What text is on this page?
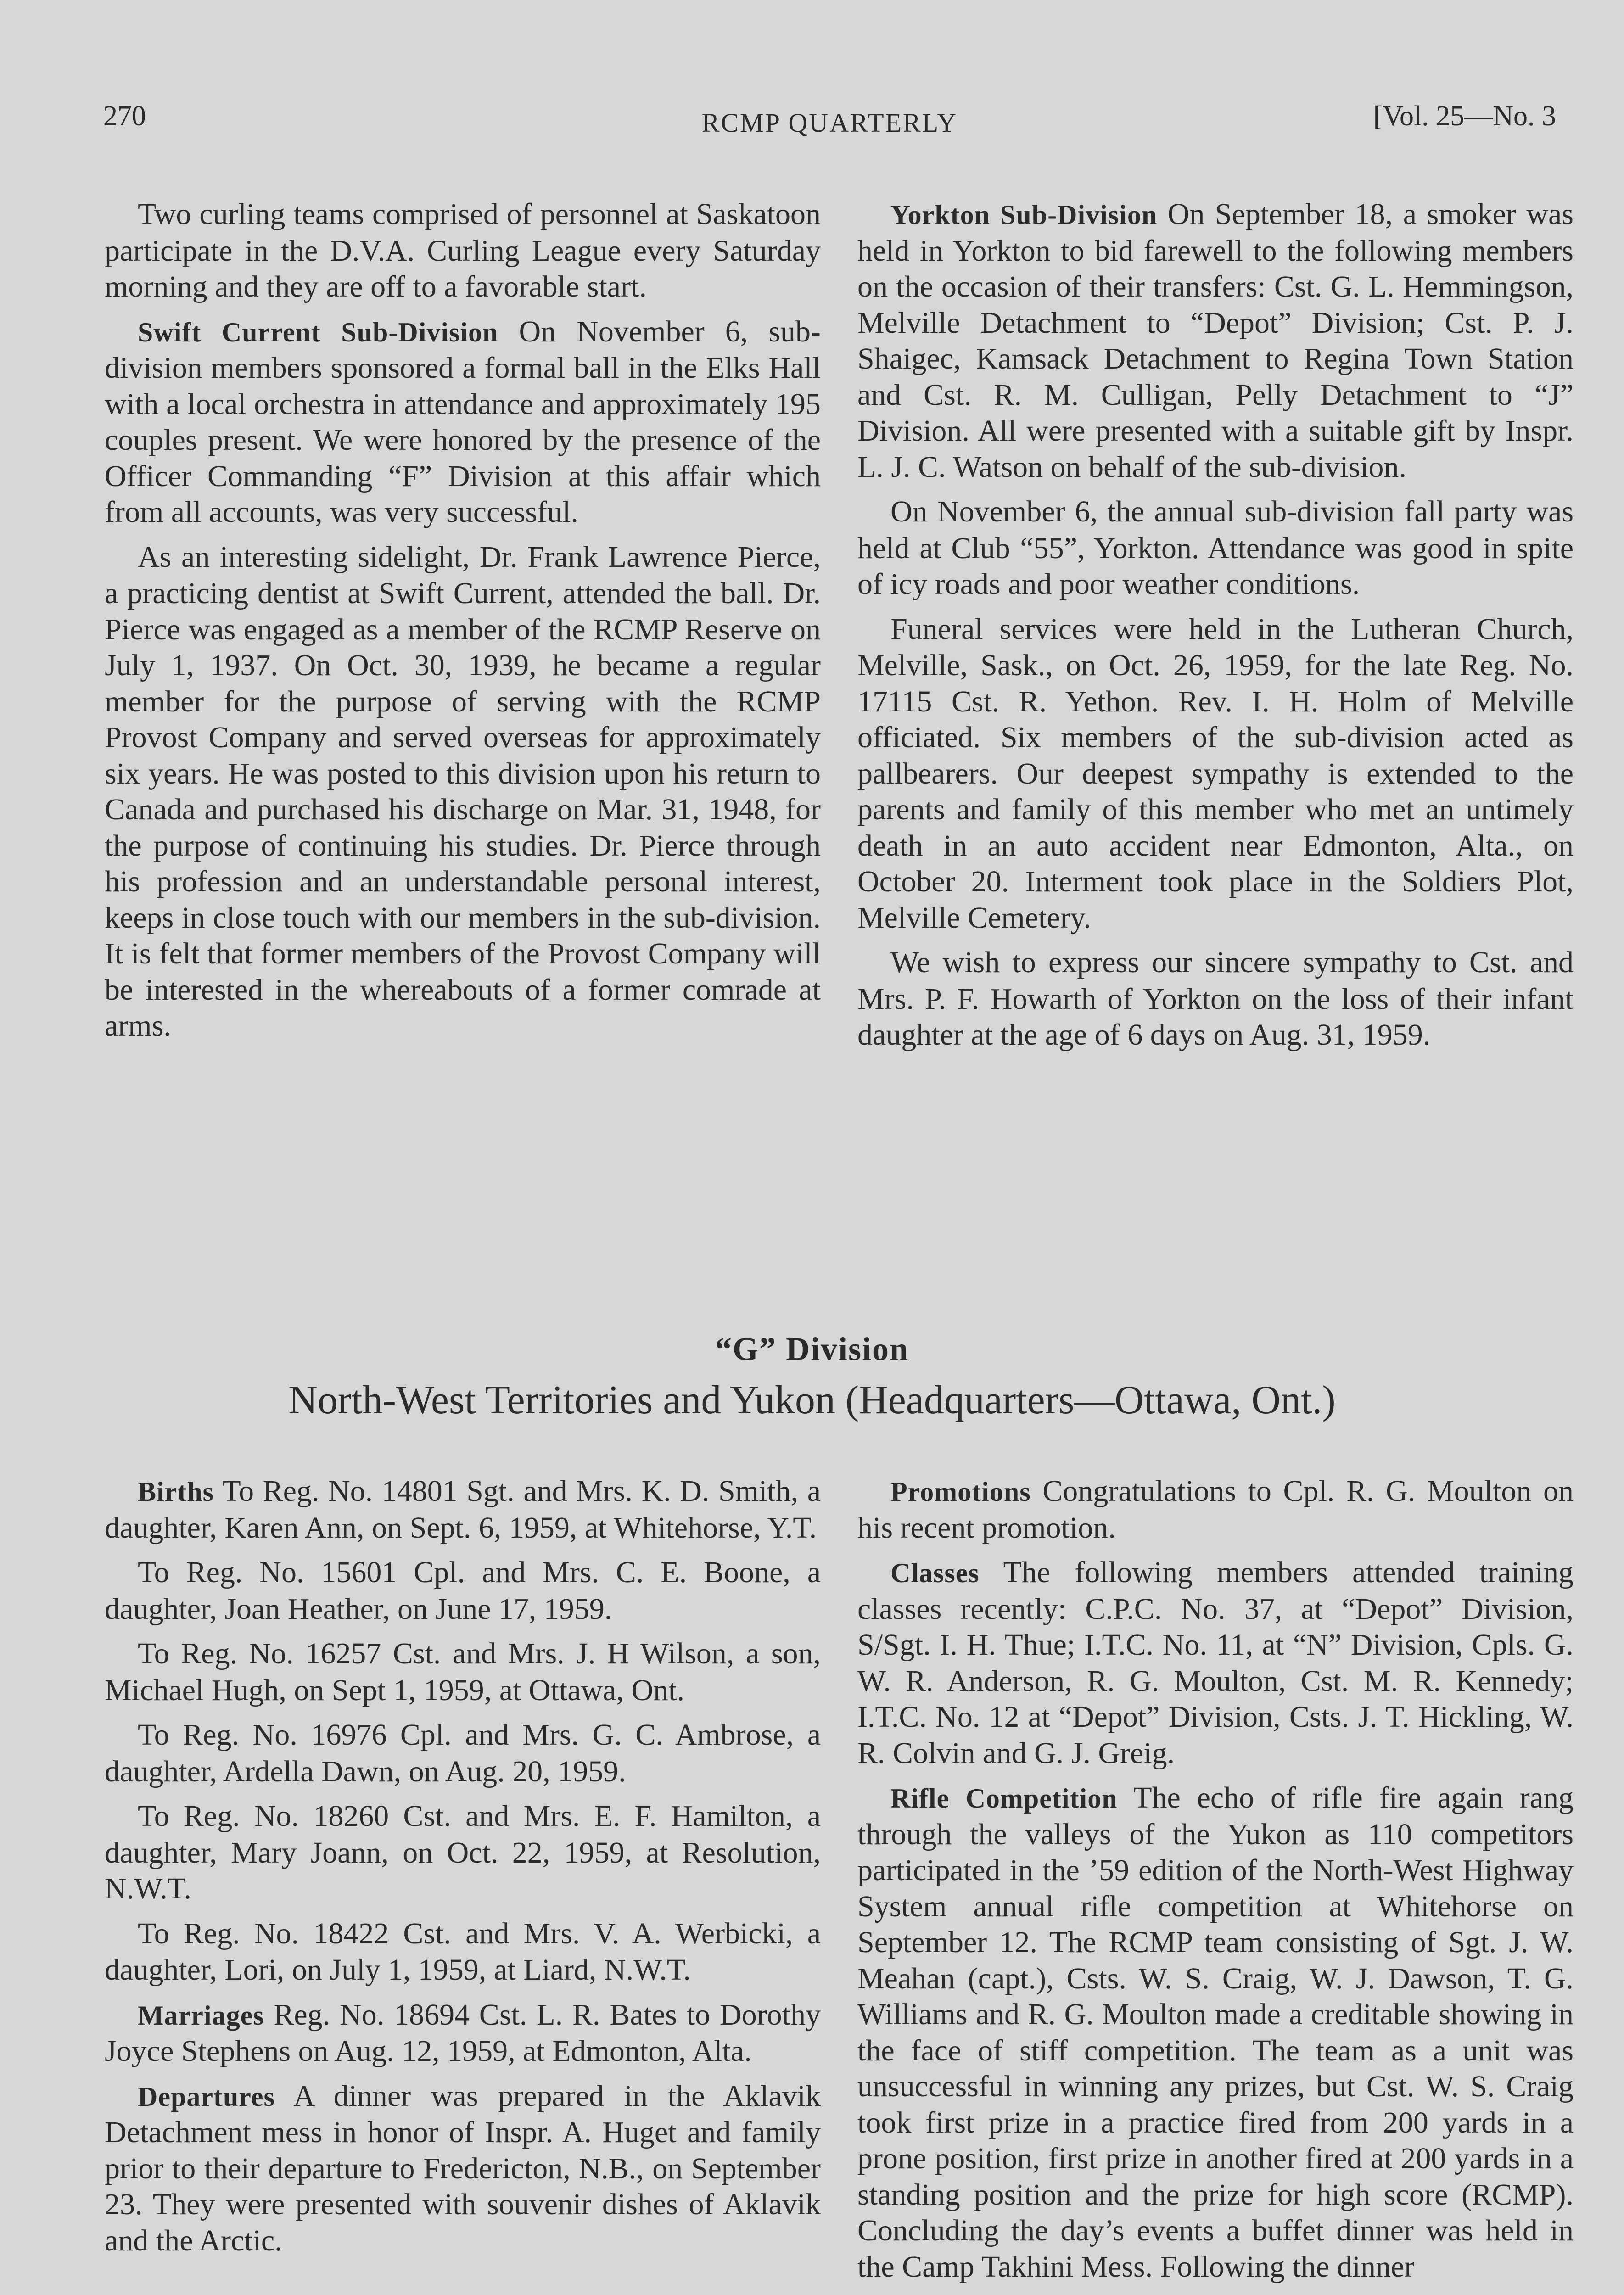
270	RCMP QUARTERLY	[Vol. 25—No. 3

Two curling teams comprised of personnel at Saskatoon participate in the D.V.A. Curling League every Saturday morning and they are off to a favorable start.

Swift Current Sub-Division On November 6, sub-division members sponsored a formal ball in the Elks Hall with a local orchestra in attendance and approximately 195 couples present. We were honored by the presence of the Officer Commanding “F” Division at this affair which from all accounts, was very successful.

As an interesting sidelight, Dr. Frank Lawrence Pierce, a practicing dentist at Swift Current, attended the ball. Dr. Pierce was engaged as a member of the RCMP Reserve on July 1, 1937. On Oct. 30, 1939, he became a regular member for the purpose of serving with the RCMP Provost Company and served overseas for approximately six years. He was posted to this division upon his return to Canada and purchased his discharge on Mar. 31, 1948, for the purpose of continuing his studies. Dr. Pierce through his profession and an understandable personal interest, keeps in close touch with our members in the sub-division. It is felt that former members of the Provost Company will be interested in the whereabouts of a former comrade at arms.

Yorkton Sub-Division On September 18, a smoker was held in Yorkton to bid farewell to the following members on the occasion of their transfers: Cst. G. L. Hemmingson, Melville Detachment to “Depot” Division; Cst. P. J. Shaigec, Kamsack Detachment to Regina Town Station and Cst. R. M. Culligan, Pelly Detachment to “J” Division. All were presented with a suitable gift by Inspr. L. J. C. Watson on behalf of the sub-division.

On November 6, the annual sub-division fall party was held at Club “55”, Yorkton. Attendance was good in spite of icy roads and poor weather conditions.

Funeral services were held in the Lutheran Church, Melville, Sask., on Oct. 26, 1959, for the late Reg. No. 17115 Cst. R. Yethon. Rev. I. H. Holm of Melville officiated. Six members of the sub-division acted as pallbearers. Our deepest sympathy is extended to the parents and family of this member who met an untimely death in an auto accident near Edmonton, Alta., on October 20. Interment took place in the Soldiers Plot, Melville Cemetery.

We wish to express our sincere sympathy to Cst. and Mrs. P. F. Howarth of Yorkton on the loss of their infant daughter at the age of 6 days on Aug. 31, 1959.

“G” Division
North-West Territories and Yukon (Headquarters—Ottawa, Ont.)

Births To Reg. No. 14801 Sgt. and Mrs. K. D. Smith, a daughter, Karen Ann, on Sept. 6, 1959, at Whitehorse, Y.T.

To Reg. No. 15601 Cpl. and Mrs. C. E. Boone, a daughter, Joan Heather, on June 17, 1959.

To Reg. No. 16257 Cst. and Mrs. J. H Wilson, a son, Michael Hugh, on Sept 1, 1959, at Ottawa, Ont.

To Reg. No. 16976 Cpl. and Mrs. G. C. Ambrose, a daughter, Ardella Dawn, on Aug. 20, 1959.

To Reg. No. 18260 Cst. and Mrs. E. F. Hamilton, a daughter, Mary Joann, on Oct. 22, 1959, at Resolution, N.W.T.

To Reg. No. 18422 Cst. and Mrs. V. A. Werbicki, a daughter, Lori, on July 1, 1959, at Liard, N.W.T.

Marriages Reg. No. 18694 Cst. L. R. Bates to Dorothy Joyce Stephens on Aug. 12, 1959, at Edmonton, Alta.

Departures A dinner was prepared in the Aklavik Detachment mess in honor of Inspr. A. Huget and family prior to their departure to Fredericton, N.B., on September 23. They were presented with souvenir dishes of Aklavik and the Arctic.

Promotions Congratulations to Cpl. R. G. Moulton on his recent promotion.

Classes The following members attended training classes recently: C.P.C. No. 37, at “Depot” Division, S/Sgt. I. H. Thue; I.T.C. No. 11, at “N” Division, Cpls. G. W. R. Anderson, R. G. Moulton, Cst. M. R. Kennedy; I.T.C. No. 12 at “Depot” Division, Csts. J. T. Hickling, W. R. Colvin and G. J. Greig.

Rifle Competition The echo of rifle fire again rang through the valleys of the Yukon as 110 competitors participated in the ’59 edition of the North-West Highway System annual rifle competition at Whitehorse on September 12. The RCMP team consisting of Sgt. J. W. Meahan (capt.), Csts. W. S. Craig, W. J. Dawson, T. G. Williams and R. G. Moulton made a creditable showing in the face of stiff competition. The team as a unit was unsuccessful in winning any prizes, but Cst. W. S. Craig took first prize in a practice fired from 200 yards in a prone position, first prize in another fired at 200 yards in a standing position and the prize for high score (RCMP). Concluding the day’s events a buffet dinner was held in the Camp Takhini Mess. Following the dinner
